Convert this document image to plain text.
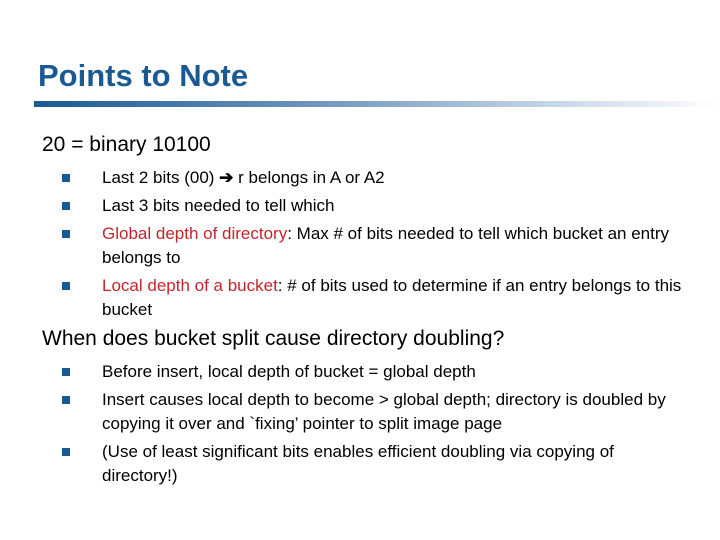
Points to Note

20 = binary 10100

Last 2 bits (00) ➔ r belongs in A or A2
Last 3 bits needed to tell which
Global depth of directory: Max # of bits needed to tell which bucket an entry belongs to
Local depth of a bucket: # of bits used to determine if an entry belongs to this bucket

When does bucket split cause directory doubling?

Before insert, local depth of bucket = global depth
Insert causes local depth to become > global depth; directory is doubled by copying it over and `fixing’ pointer to split image page
(Use of least significant bits enables efficient doubling via copying of directory!)
